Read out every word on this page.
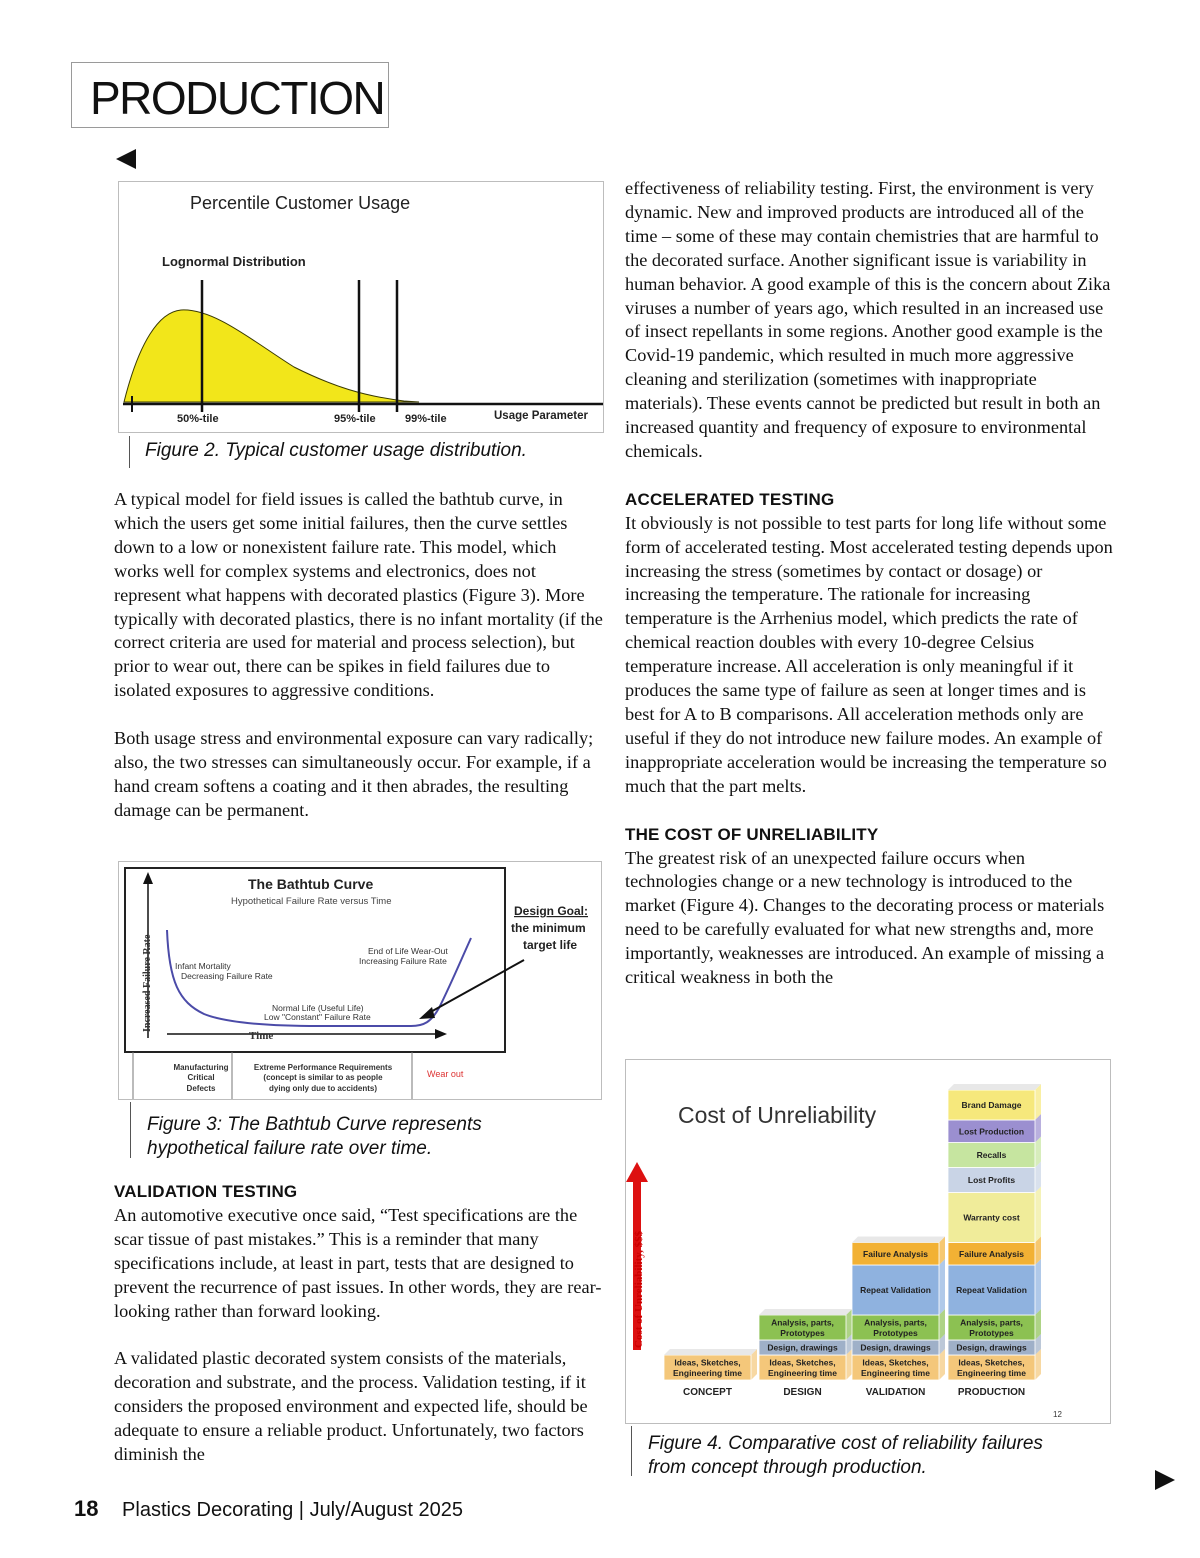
PRODUCTION
Percentile Customer Usage
Lognormal Distribution
50%-tile	95%-tile	99%-tile	Usage Parameter
Figure 2. Typical customer usage distribution.

A typical model for field issues is called the bathtub curve, in which the users get some initial failures, then the curve settles down to a low or nonexistent failure rate. This model, which works well for complex systems and electronics, does not represent what happens with decorated plastics (Figure 3). More typically with decorated plastics, there is no infant mortality (if the correct criteria are used for material and process selection), but prior to wear out, there can be spikes in field failures due to isolated exposures to aggressive conditions.

Both usage stress and environmental exposure can vary radically; also, the two stresses can simultaneously occur. For example, if a hand cream softens a coating and it then abrades, the resulting damage can be permanent.

The Bathtub Curve
Hypothetical Failure Rate versus Time
Increased Failure Rate
Time
Infant Mortality
Decreasing Failure Rate
End of Life Wear-Out
Increasing Failure Rate
Normal Life (Useful Life)
Low "Constant" Failure Rate
Design Goal:
the minimum
target life
Manufacturing
Critical
Defects
Extreme Performance Requirements
(concept is similar to as people
dying only due to accidents)
Wear out
Figure 3: The Bathtub Curve represents
hypothetical failure rate over time.
VALIDATION TESTING

An automotive executive once said, “Test specifications are the scar tissue of past mistakes.” This is a reminder that many specifications include, at least in part, tests that are designed to prevent the recurrence of past issues. In other words, they are rear-looking rather than forward looking.

A validated plastic decorated system consists of the materials, decoration and substrate, and the process. Validation testing, if it considers the proposed environment and expected life, should be adequate to ensure a reliable product. Unfortunately, two factors diminish the

effectiveness of reliability testing. First, the environment is very dynamic. New and improved products are introduced all of the time – some of these may contain chemistries that are harmful to the decorated surface. Another significant issue is variability in human behavior. A good example of this is the concern about Zika viruses a number of years ago, which resulted in an increased use of insect repellants in some regions. Another good example is the Covid-19 pandemic, which resulted in much more aggressive cleaning and sterilization (sometimes with inappropriate materials). These events cannot be predicted but result in both an increased quantity and frequency of exposure to environmental chemicals.

ACCELERATED TESTING

It obviously is not possible to test parts for long life without some form of accelerated testing. Most accelerated testing depends upon increasing the stress (sometimes by contact or dosage) or increasing the temperature. The rationale for increasing temperature is the Arrhenius model, which predicts the rate of chemical reaction doubles with every 10-degree Celsius temperature increase. All acceleration is only meaningful if it produces the same type of failure as seen at longer times and is best for A to B comparisons. All acceleration methods only are useful if they do not introduce new failure modes. An example of inappropriate acceleration would be increasing the temperature so much that the part melts.

THE COST OF UNRELIABILITY

The greatest risk of an unexpected failure occurs when technologies change or a new technology is introduced to the market (Figure 4). Changes to the decorating process or materials need to be carefully evaluated for what new strengths and, more importantly, weaknesses are introduced. An example of missing a critical weakness in both the

Cost of Unreliability
Cost of Unreliability, $$$
12
Ideas, Sketches,
Engineering time
CONCEPT
Ideas, Sketches,
Engineering time
Design, drawings
Analysis, parts,
Prototypes
DESIGN
Ideas, Sketches,
Engineering time
Design, drawings
Analysis, parts,
Prototypes
Repeat Validation
Failure Analysis
VALIDATION
Ideas, Sketches,
Engineering time
Design, drawings
Analysis, parts,
Prototypes
Repeat Validation
Failure Analysis
Warranty cost
Lost Profits
Recalls
Lost Production
Brand Damage
PRODUCTION
Figure 4. Comparative cost of reliability failures
from concept through production.
18 Plastics Decorating | July/August 2025
